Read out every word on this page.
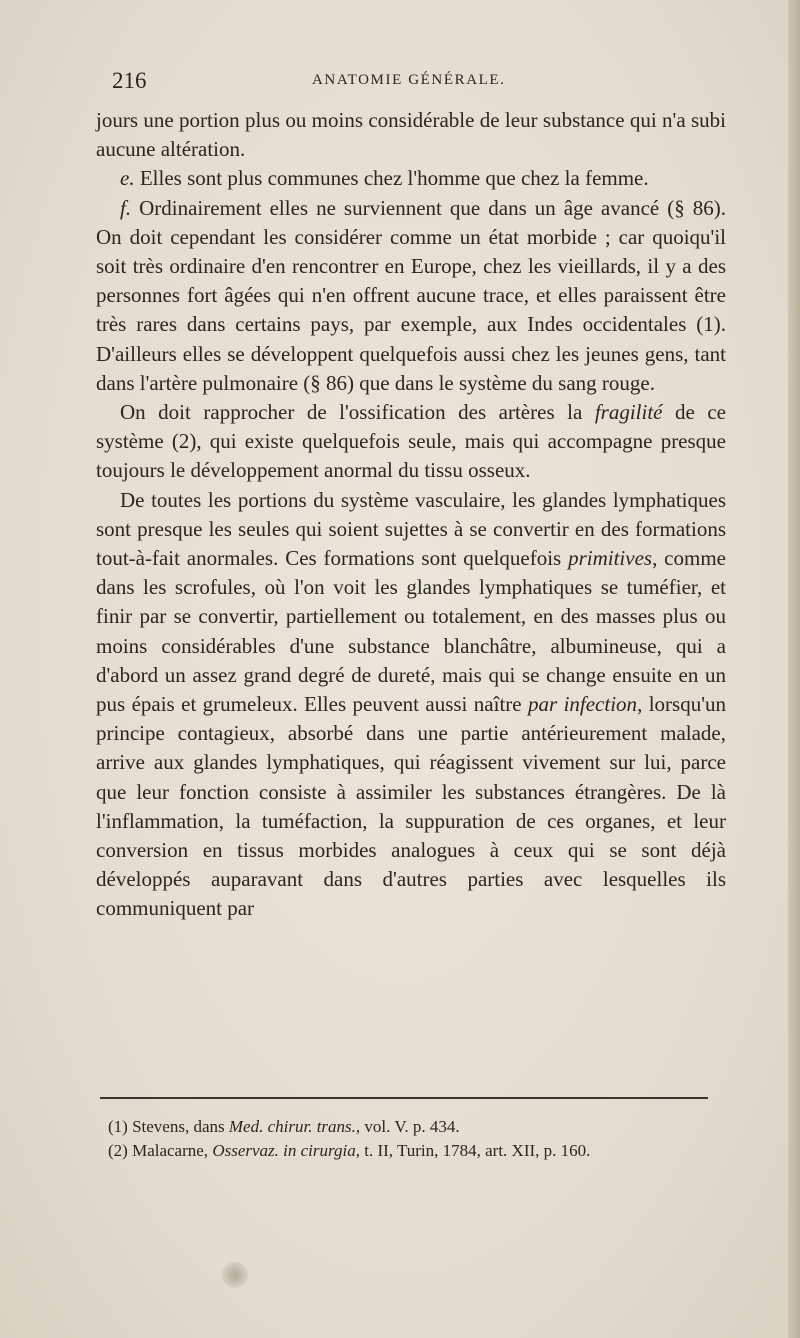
216	ANATOMIE GÉNÉRALE.

jours une portion plus ou moins considérable de leur substance qui n'a subi aucune altération.

e. Elles sont plus communes chez l'homme que chez la femme.

f. Ordinairement elles ne surviennent que dans un âge avancé (§ 86). On doit cependant les considérer comme un état morbide ; car quoiqu'il soit très ordinaire d'en rencontrer en Europe, chez les vieillards, il y a des personnes fort âgées qui n'en offrent aucune trace, et elles paraissent être très rares dans certains pays, par exemple, aux Indes occidentales (1). D'ailleurs elles se développent quelquefois aussi chez les jeunes gens, tant dans l'artère pulmonaire (§ 86) que dans le système du sang rouge.

On doit rapprocher de l'ossification des artères la fragilité de ce système (2), qui existe quelquefois seule, mais qui accompagne presque toujours le développement anormal du tissu osseux.

De toutes les portions du système vasculaire, les glandes lymphatiques sont presque les seules qui soient sujettes à se convertir en des formations tout-à-fait anormales. Ces formations sont quelquefois primitives, comme dans les scrofules, où l'on voit les glandes lymphatiques se tuméfier, et finir par se convertir, partiellement ou totalement, en des masses plus ou moins considérables d'une substance blanchâtre, albumineuse, qui a d'abord un assez grand degré de dureté, mais qui se change ensuite en un pus épais et grumeleux. Elles peuvent aussi naître par infection, lorsqu'un principe contagieux, absorbé dans une partie antérieurement malade, arrive aux glandes lymphatiques, qui réagissent vivement sur lui, parce que leur fonction consiste à assimiler les substances étrangères. De là l'inflammation, la tuméfaction, la suppuration de ces organes, et leur conversion en tissus morbides analogues à ceux qui se sont déjà développés auparavant dans d'autres parties avec lesquelles ils communiquent par

(1) Stevens, dans Med. chirur. trans., vol. V. p. 434.

(2) Malacarne, Osservaz. in cirurgia, t. II, Turin, 1784, art. XII, p. 160.
